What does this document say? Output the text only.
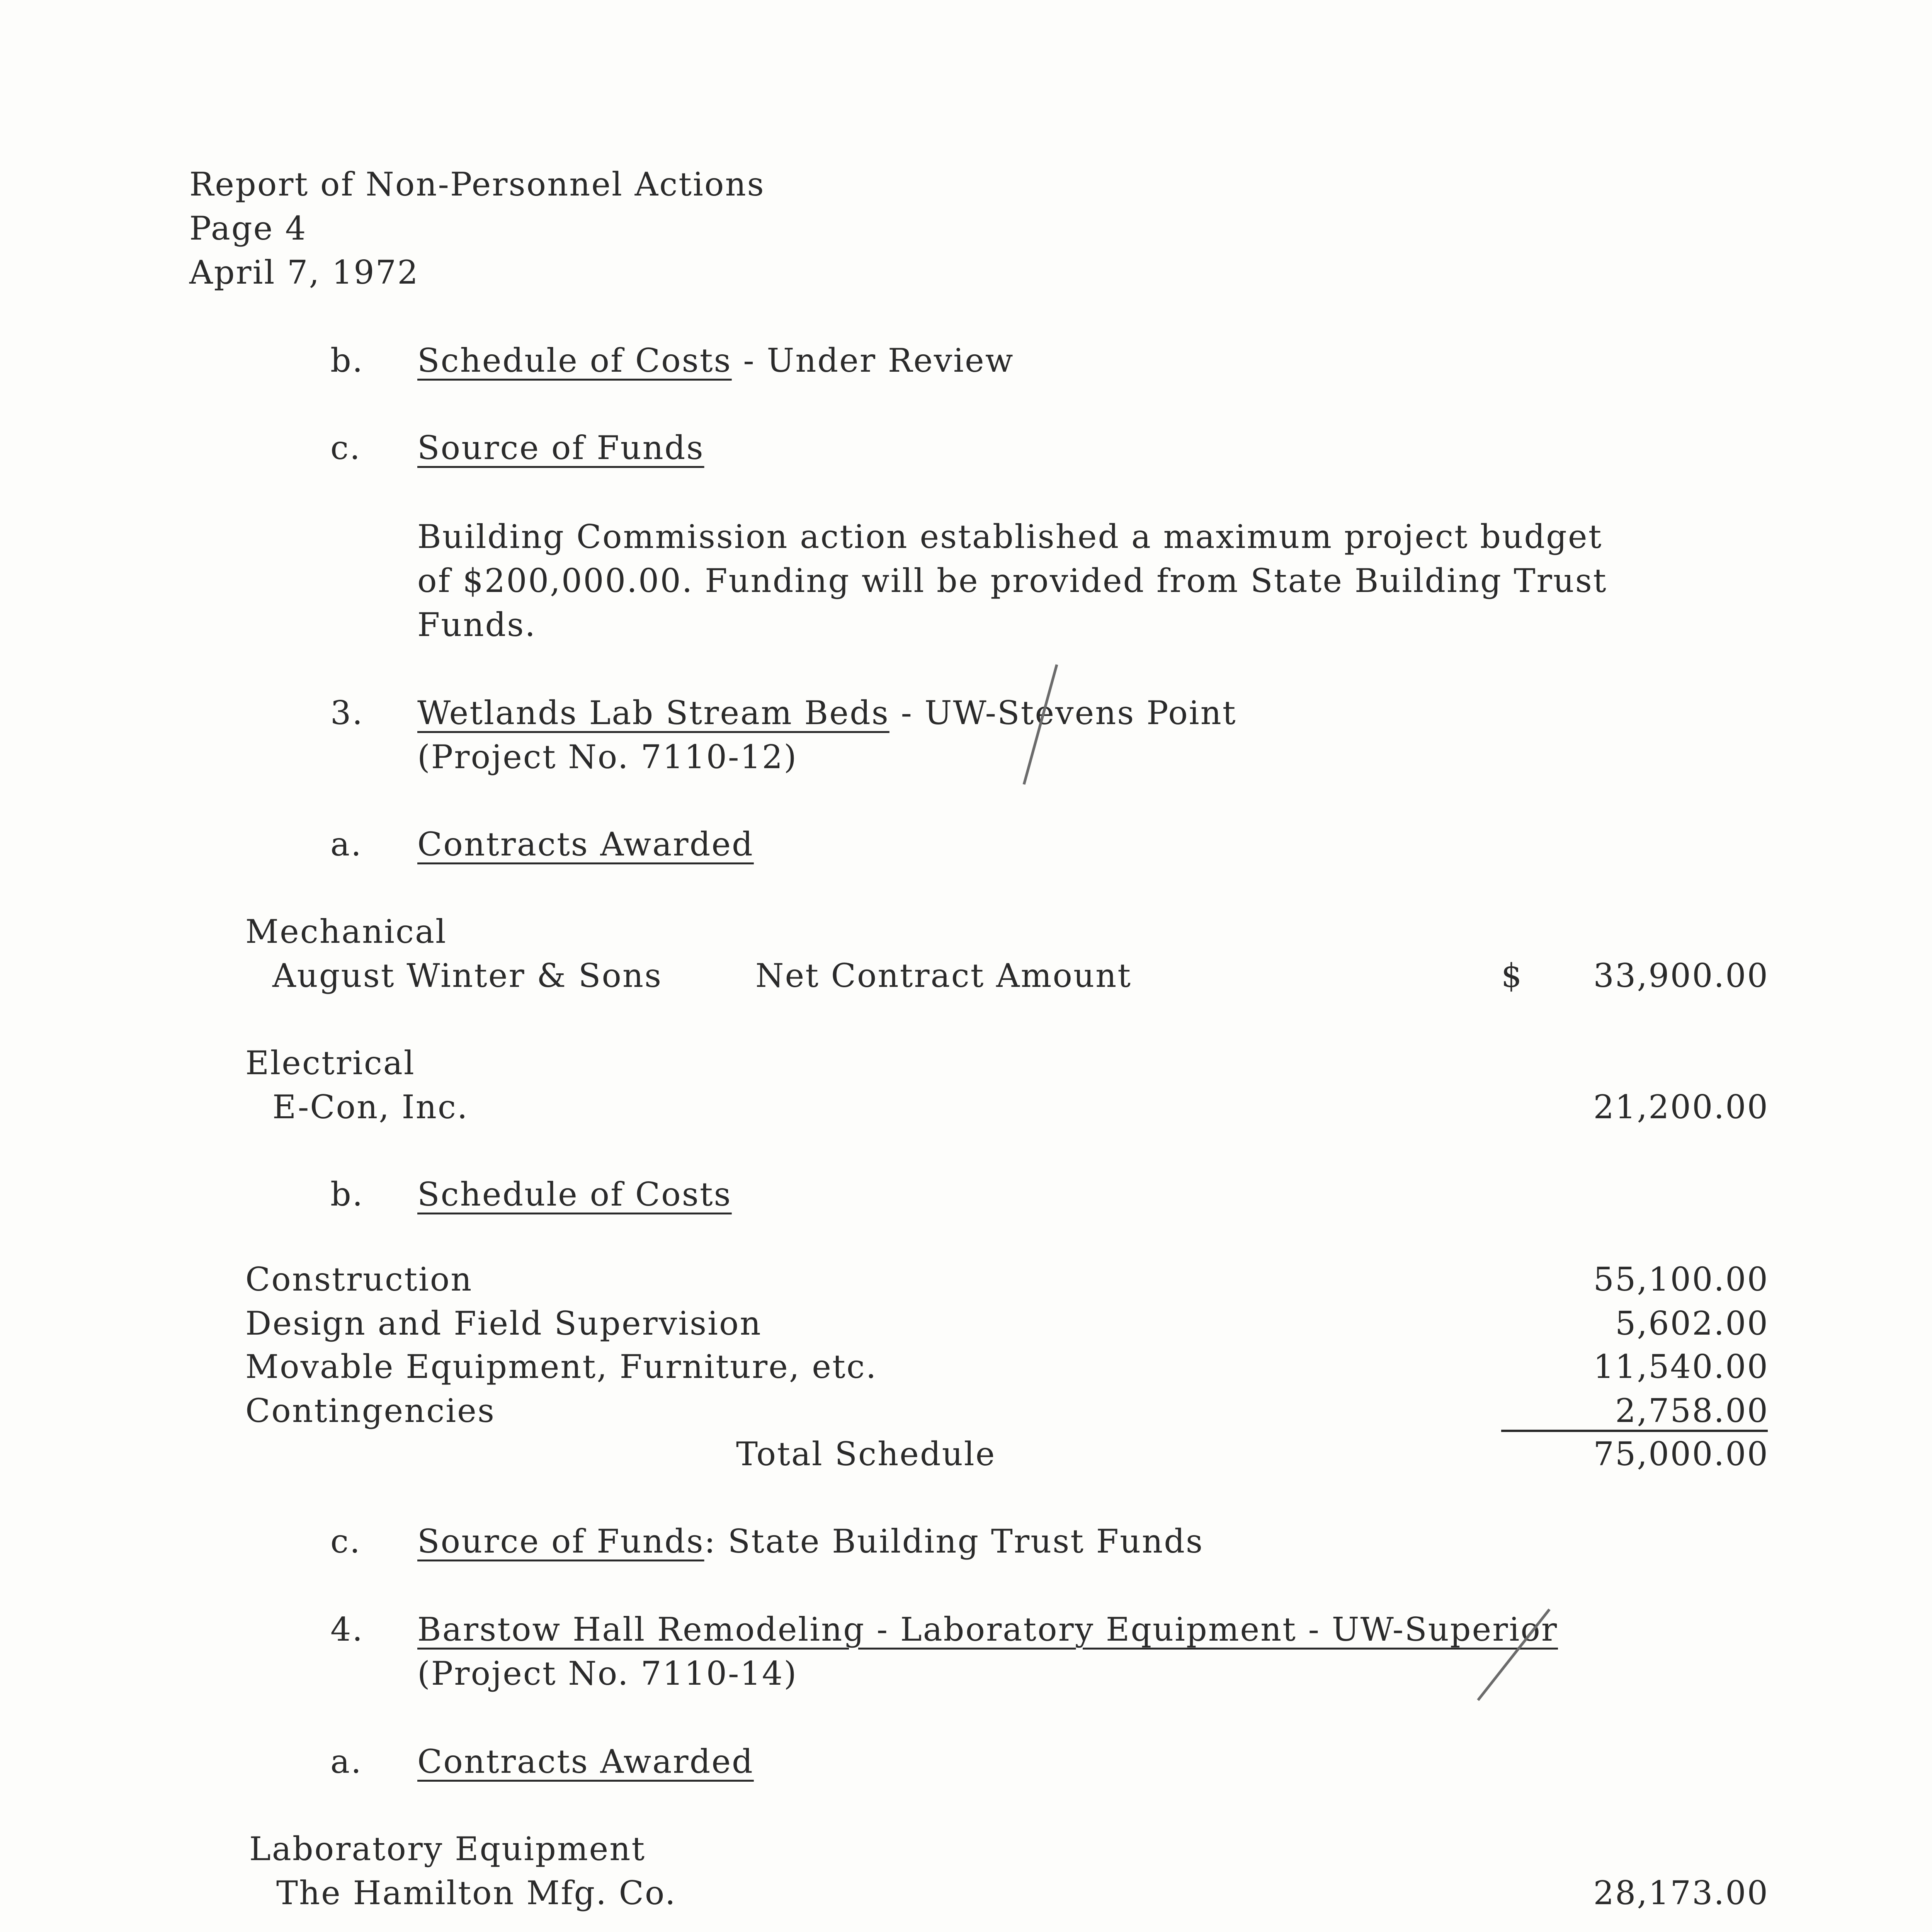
Report of Non-Personnel Actions
Page 4
April 7, 1972
b. Schedule of Costs - Under Review
c. Source of Funds
Building Commission action established a maximum project budget
of $200,000.00. Funding will be provided from State Building Trust
Funds.
3. Wetlands Lab Stream Beds - UW-Stevens Point
(Project No. 7110-12)
a. Contracts Awarded
Mechanical
August Winter & Sons	Net Contract Amount	$ 33,900.00
Electrical
E-Con, Inc.	21,200.00
b. Schedule of Costs
Construction	55,100.00
Design and Field Supervision	5,602.00
Movable Equipment, Furniture, etc.	11,540.00
Contingencies	2,758.00
Total Schedule	75,000.00
c. Source of Funds: State Building Trust Funds
4. Barstow Hall Remodeling - Laboratory Equipment - UW-Superior
(Project No. 7110-14)
a. Contracts Awarded
Laboratory Equipment
The Hamilton Mfg. Co.	28,173.00
